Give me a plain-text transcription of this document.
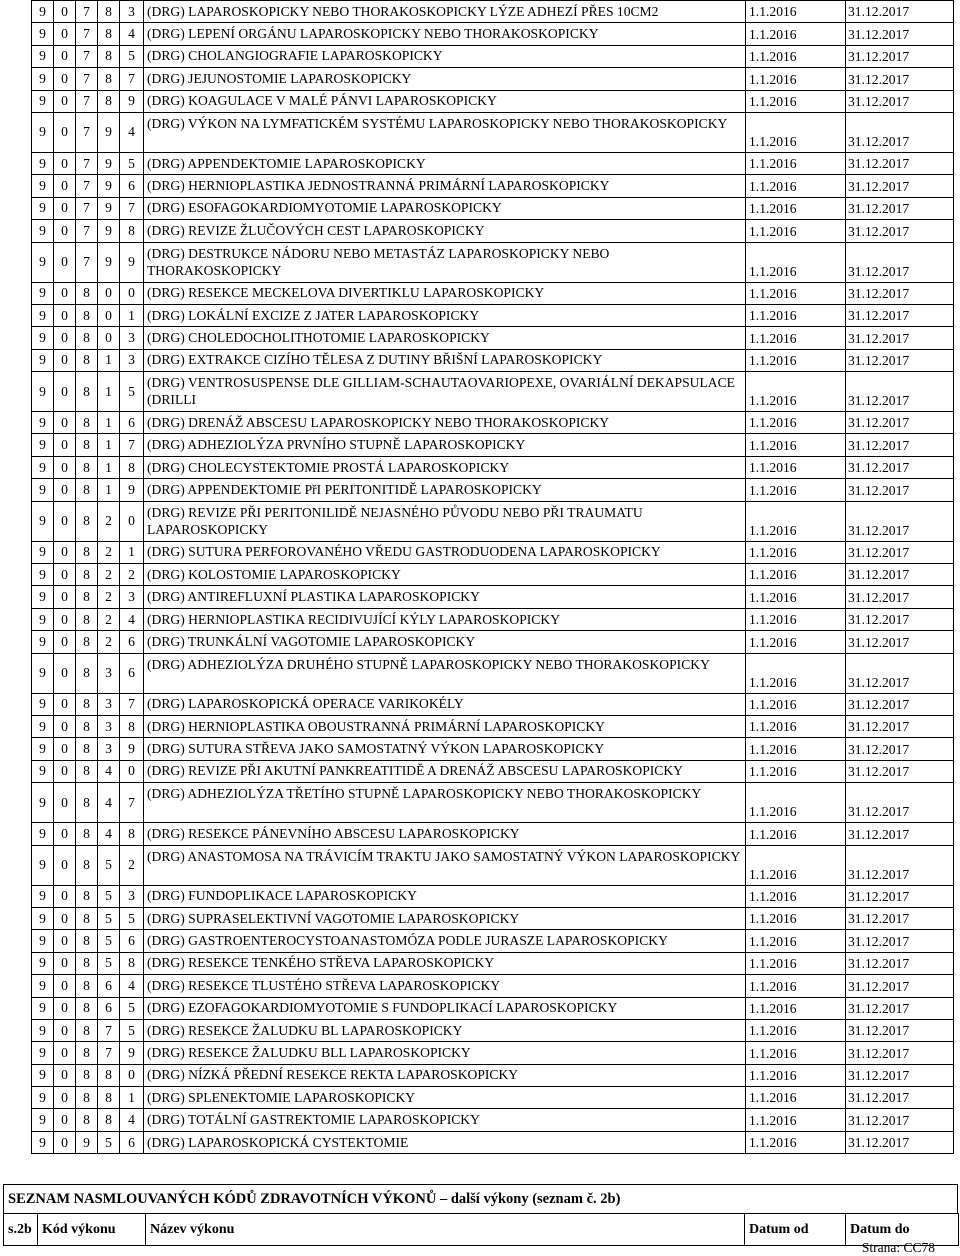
9	0	7	8	3	(DRG) LAPAROSKOPICKY NEBO THORAKOSKOPICKY LÝZE ADHEZÍ PŘES 10CM2	1.1.2016	31.12.2017
9	0	7	8	4	(DRG) LEPENÍ ORGÁNU LAPAROSKOPICKY NEBO THORAKOSKOPICKY	1.1.2016	31.12.2017
9	0	7	8	5	(DRG) CHOLANGIOGRAFIE LAPAROSKOPICKY	1.1.2016	31.12.2017
9	0	7	8	7	(DRG) JEJUNOSTOMIE LAPAROSKOPICKY	1.1.2016	31.12.2017
9	0	7	8	9	(DRG) KOAGULACE V MALÉ PÁNVI LAPAROSKOPICKY	1.1.2016	31.12.2017
9	0	7	9	4	(DRG) VÝKON NA LYMFATICKÉM SYSTÉMU LAPAROSKOPICKY NEBO THORAKOSKOPICKY	1.1.2016	31.12.2017
9	0	7	9	5	(DRG) APPENDEKTOMIE LAPAROSKOPICKY	1.1.2016	31.12.2017
9	0	7	9	6	(DRG) HERNIOPLASTIKA JEDNOSTRANNÁ PRIMÁRNÍ LAPAROSKOPICKY	1.1.2016	31.12.2017
9	0	7	9	7	(DRG) ESOFAGOKARDIOMYOTOMIE LAPAROSKOPICKY	1.1.2016	31.12.2017
9	0	7	9	8	(DRG) REVIZE ŽLUČOVÝCH CEST LAPAROSKOPICKY	1.1.2016	31.12.2017
9	0	7	9	9	(DRG) DESTRUKCE NÁDORU NEBO METASTÁZ LAPAROSKOPICKY NEBO THORAKOSKOPICKY	1.1.2016	31.12.2017
9	0	8	0	0	(DRG) RESEKCE MECKELOVA DIVERTIKLU LAPAROSKOPICKY	1.1.2016	31.12.2017
9	0	8	0	1	(DRG) LOKÁLNÍ EXCIZE Z JATER LAPAROSKOPICKY	1.1.2016	31.12.2017
9	0	8	0	3	(DRG) CHOLEDOCHOLITHOTOMIE LAPAROSKOPICKY	1.1.2016	31.12.2017
9	0	8	1	3	(DRG) EXTRAKCE CIZÍHO TĚLESA Z DUTINY BŘIŠNÍ LAPAROSKOPICKY	1.1.2016	31.12.2017
9	0	8	1	5	(DRG) VENTROSUSPENSE DLE GILLIAM-SCHAUTAOVARIOPEXE, OVARIÁLNÍ DEKAPSULACE (DRILLI	1.1.2016	31.12.2017
9	0	8	1	6	(DRG) DRENÁŽ ABSCESU LAPAROSKOPICKY NEBO THORAKOSKOPICKY	1.1.2016	31.12.2017
9	0	8	1	7	(DRG) ADHEZIOLÝZA PRVNÍHO STUPNĚ LAPAROSKOPICKY	1.1.2016	31.12.2017
9	0	8	1	8	(DRG) CHOLECYSTEKTOMIE PROSTÁ LAPAROSKOPICKY	1.1.2016	31.12.2017
9	0	8	1	9	(DRG) APPENDEKTOMIE PřI PERITONITIDĚ LAPAROSKOPICKY	1.1.2016	31.12.2017
9	0	8	2	0	(DRG) REVIZE PŘI PERITONILIDĚ NEJASNÉHO PŮVODU NEBO PŘI TRAUMATU LAPAROSKOPICKY	1.1.2016	31.12.2017
9	0	8	2	1	(DRG) SUTURA PERFOROVANÉHO VŘEDU GASTRODUODENA LAPAROSKOPICKY	1.1.2016	31.12.2017
9	0	8	2	2	(DRG) KOLOSTOMIE LAPAROSKOPICKY	1.1.2016	31.12.2017
9	0	8	2	3	(DRG) ANTIREFLUXNÍ PLASTIKA LAPAROSKOPICKY	1.1.2016	31.12.2017
9	0	8	2	4	(DRG) HERNIOPLASTIKA RECIDIVUJÍCÍ KÝLY LAPAROSKOPICKY	1.1.2016	31.12.2017
9	0	8	2	6	(DRG) TRUNKÁLNÍ VAGOTOMIE LAPAROSKOPICKY	1.1.2016	31.12.2017
9	0	8	3	6	(DRG) ADHEZIOLÝZA DRUHÉHO STUPNĚ LAPAROSKOPICKY NEBO THORAKOSKOPICKY	1.1.2016	31.12.2017
9	0	8	3	7	(DRG) LAPAROSKOPICKÁ OPERACE VARIKOKÉLY	1.1.2016	31.12.2017
9	0	8	3	8	(DRG) HERNIOPLASTIKA OBOUSTRANNÁ PRIMÁRNÍ LAPAROSKOPICKY	1.1.2016	31.12.2017
9	0	8	3	9	(DRG) SUTURA STŘEVA JAKO SAMOSTATNÝ VÝKON LAPAROSKOPICKY	1.1.2016	31.12.2017
9	0	8	4	0	(DRG) REVIZE PŘI AKUTNÍ PANKREATITIDĚ A DRENÁŽ ABSCESU LAPAROSKOPICKY	1.1.2016	31.12.2017
9	0	8	4	7	(DRG) ADHEZIOLÝZA TŘETÍHO STUPNĚ LAPAROSKOPICKY NEBO THORAKOSKOPICKY	1.1.2016	31.12.2017
9	0	8	4	8	(DRG) RESEKCE PÁNEVNÍHO ABSCESU LAPAROSKOPICKY	1.1.2016	31.12.2017
9	0	8	5	2	(DRG) ANASTOMOSA NA TRÁVICÍM TRAKTU JAKO SAMOSTATNÝ VÝKON LAPAROSKOPICKY	1.1.2016	31.12.2017
9	0	8	5	3	(DRG) FUNDOPLIKACE LAPAROSKOPICKY	1.1.2016	31.12.2017
9	0	8	5	5	(DRG) SUPRASELEKTIVNÍ VAGOTOMIE LAPAROSKOPICKY	1.1.2016	31.12.2017
9	0	8	5	6	(DRG) GASTROENTEROCYSTOANASTOMÓZA PODLE JURASZE LAPAROSKOPICKY	1.1.2016	31.12.2017
9	0	8	5	8	(DRG) RESEKCE TENKÉHO STŘEVA LAPAROSKOPICKY	1.1.2016	31.12.2017
9	0	8	6	4	(DRG) RESEKCE TLUSTÉHO STŘEVA LAPAROSKOPICKY	1.1.2016	31.12.2017
9	0	8	6	5	(DRG) EZOFAGOKARDIOMYOTOMIE S FUNDOPLIKACÍ LAPAROSKOPICKY	1.1.2016	31.12.2017
9	0	8	7	5	(DRG) RESEKCE ŽALUDKU BL LAPAROSKOPICKY	1.1.2016	31.12.2017
9	0	8	7	9	(DRG) RESEKCE ŽALUDKU BLL LAPAROSKOPICKY	1.1.2016	31.12.2017
9	0	8	8	0	(DRG) NÍZKÁ PŘEDNÍ RESEKCE REKTA LAPAROSKOPICKY	1.1.2016	31.12.2017
9	0	8	8	1	(DRG) SPLENEKTOMIE LAPAROSKOPICKY	1.1.2016	31.12.2017
9	0	8	8	4	(DRG) TOTÁLNÍ GASTREKTOMIE LAPAROSKOPICKY	1.1.2016	31.12.2017
9	0	9	5	6	(DRG) LAPAROSKOPICKÁ CYSTEKTOMIE	1.1.2016	31.12.2017
SEZNAM NASMLOUVANÝCH KÓDŮ ZDRAVOTNÍCH VÝKONŮ – další výkony (seznam č. 2b)
s.2b	Kód výkonu	Název výkonu	Datum od	Datum do
Strana: CC78
